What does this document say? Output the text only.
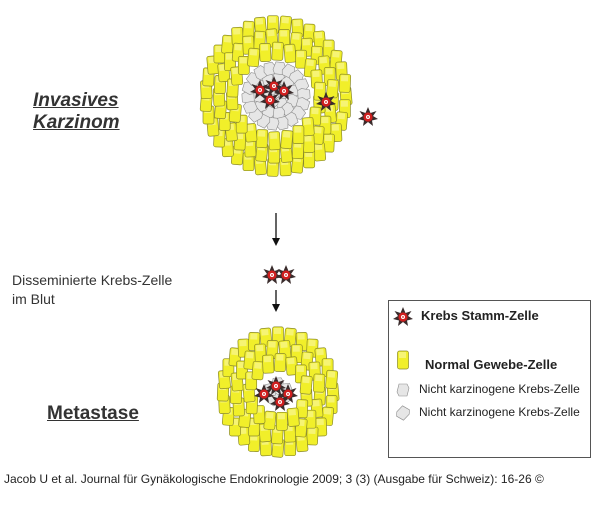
Invasives
Karzinom
Disseminierte Krebs-Zelle
im Blut
Metastase
Krebs Stamm-Zelle
Normal Gewebe-Zelle
Nicht karzinogene Krebs-Zelle
Nicht karzinogene Krebs-Zelle
Jacob U et al. Journal für Gynäkologische Endokrinologie 2009; 3 (3) (Ausgabe für Schweiz): 16-26 ©
